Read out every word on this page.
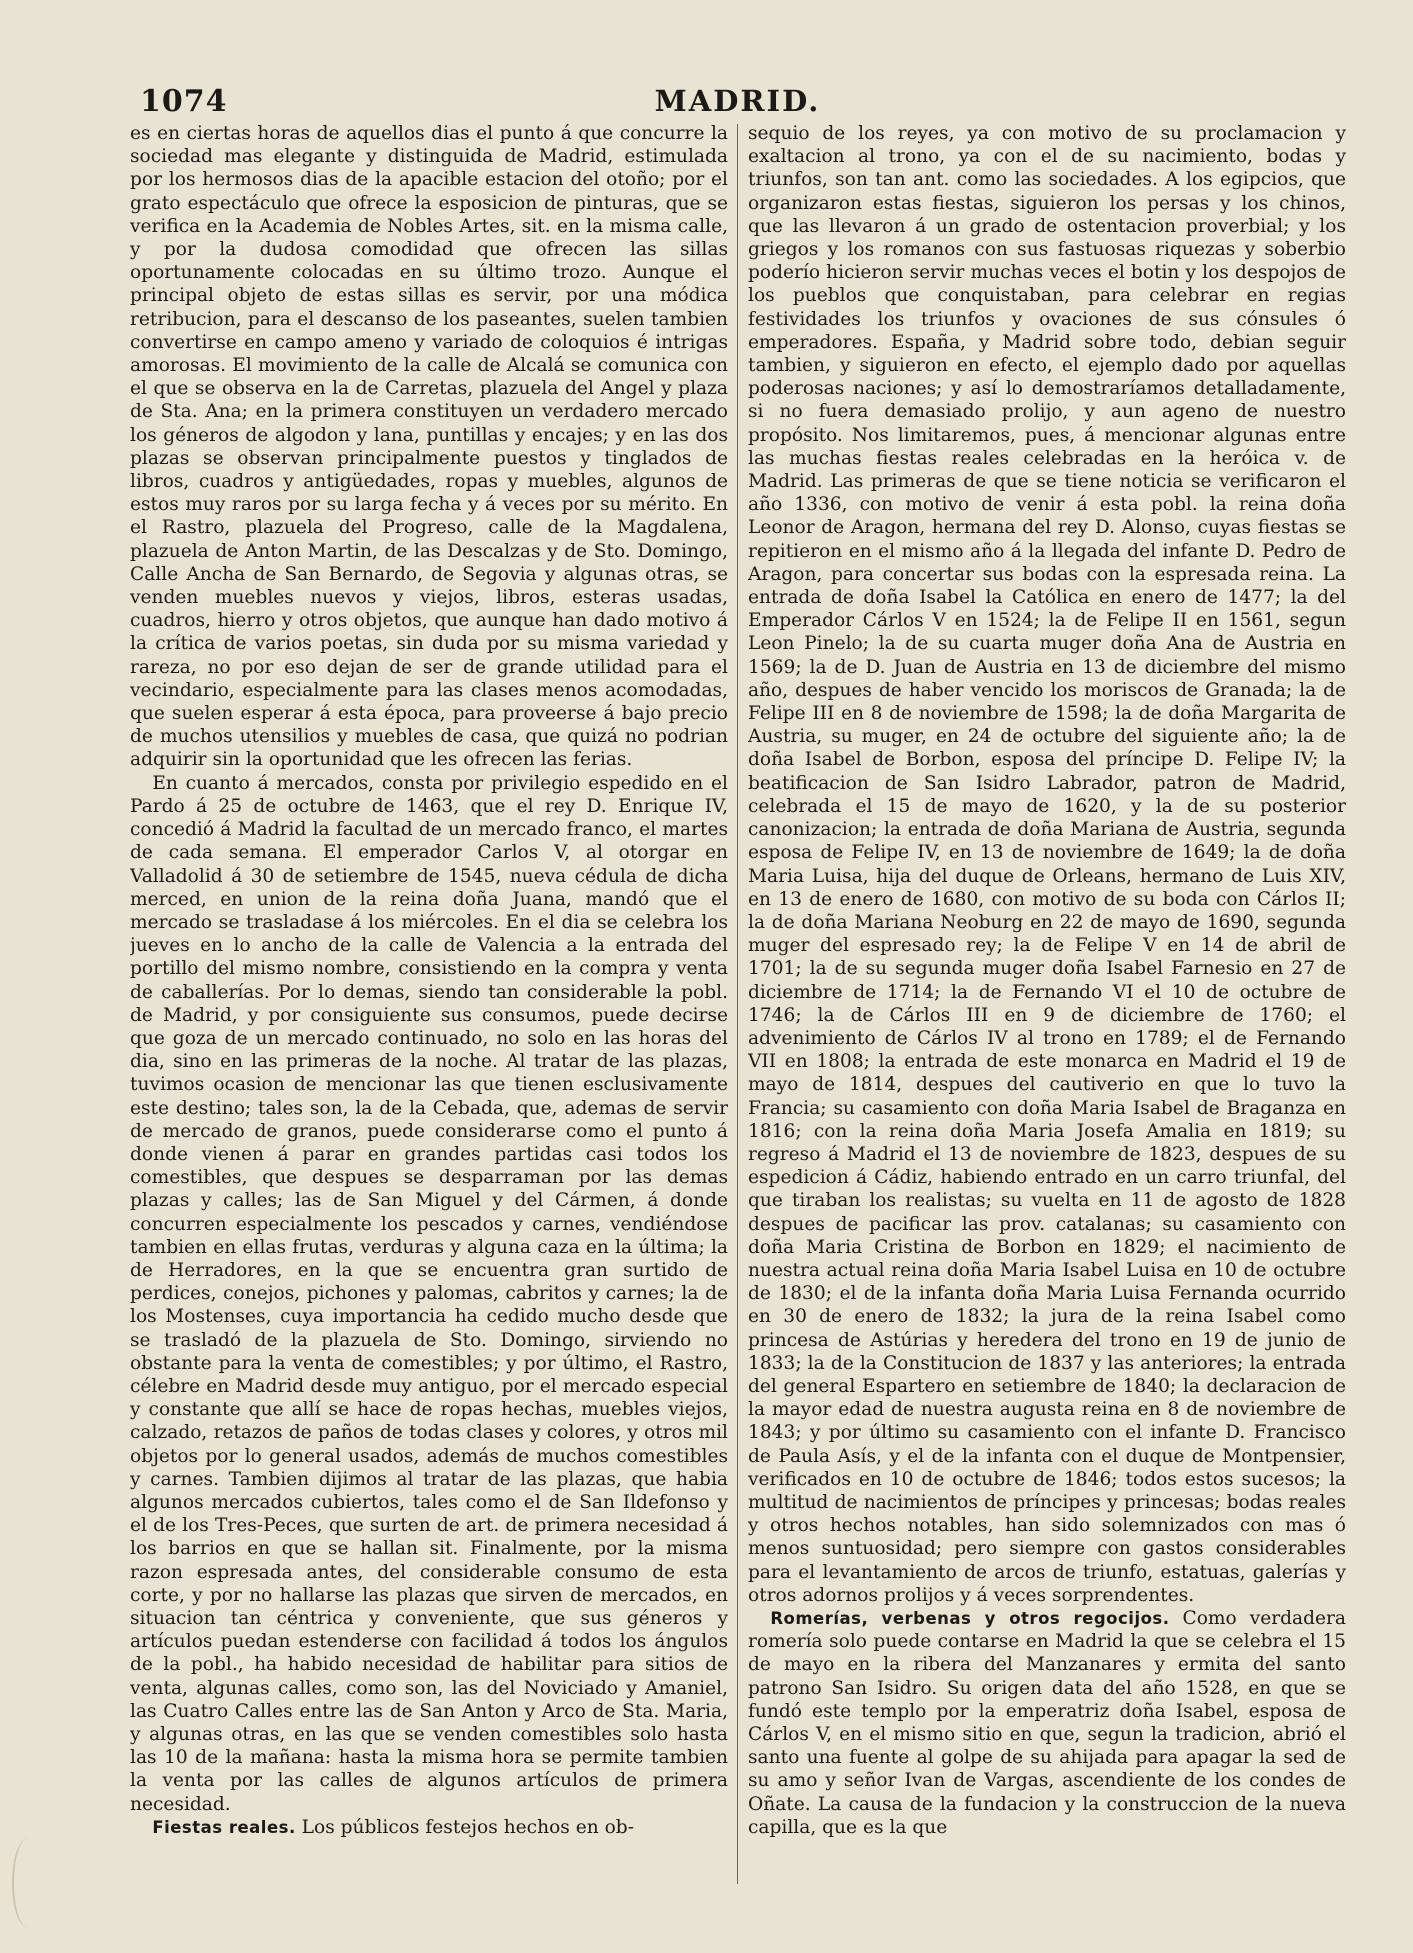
1074	MADRID.

es en ciertas horas de aquellos dias el punto á que concurre la sociedad mas elegante y distinguida de Madrid, estimulada por los hermosos dias de la apacible estacion del otoño; por el grato espectáculo que ofrece la esposicion de pinturas, que se verifica en la Academia de Nobles Artes, sit. en la misma calle, y por la dudosa comodidad que ofrecen las sillas oportunamente colocadas en su último trozo. Aunque el principal objeto de estas sillas es servir, por una módica retribucion, para el descanso de los paseantes, suelen tambien convertirse en campo ameno y variado de coloquios é intrigas amorosas. El movimiento de la calle de Alcalá se comunica con el que se observa en la de Carretas, plazuela del Angel y plaza de Sta. Ana; en la primera constituyen un verdadero mercado los géneros de algodon y lana, puntillas y encajes; y en las dos plazas se observan principalmente puestos y tinglados de libros, cuadros y antigüedades, ropas y muebles, algunos de estos muy raros por su larga fecha y á veces por su mérito. En el Rastro, plazuela del Progreso, calle de la Magdalena, plazuela de Anton Martin, de las Descalzas y de Sto. Domingo, Calle Ancha de San Bernardo, de Segovia y algunas otras, se venden muebles nuevos y viejos, libros, esteras usadas, cuadros, hierro y otros objetos, que aunque han dado motivo á la crítica de varios poetas, sin duda por su misma variedad y rareza, no por eso dejan de ser de grande utilidad para el vecindario, especialmente para las clases menos acomodadas, que suelen esperar á esta época, para proveerse á bajo precio de muchos utensilios y muebles de casa, que quizá no podrian adquirir sin la oportunidad que les ofrecen las ferias.

En cuanto á mercados, consta por privilegio espedido en el Pardo á 25 de octubre de 1463, que el rey D. Enrique IV, concedió á Madrid la facultad de un mercado franco, el martes de cada semana. El emperador Carlos V, al otorgar en Valladolid á 30 de setiembre de 1545, nueva cédula de dicha merced, en union de la reina doña Juana, mandó que el mercado se trasladase á los miércoles. En el dia se celebra los jueves en lo ancho de la calle de Valencia a la entrada del portillo del mismo nombre, consistiendo en la compra y venta de caballerías. Por lo demas, siendo tan considerable la pobl. de Madrid, y por consiguiente sus consumos, puede decirse que goza de un mercado continuado, no solo en las horas del dia, sino en las primeras de la noche. Al tratar de las plazas, tuvimos ocasion de mencionar las que tienen esclusivamente este destino; tales son, la de la Cebada, que, ademas de servir de mercado de granos, puede considerarse como el punto á donde vienen á parar en grandes partidas casi todos los comestibles, que despues se desparraman por las demas plazas y calles; las de San Miguel y del Cármen, á donde concurren especialmente los pescados y carnes, vendiéndose tambien en ellas frutas, verduras y alguna caza en la última; la de Herradores, en la que se encuentra gran surtido de perdices, conejos, pichones y palomas, cabritos y carnes; la de los Mostenses, cuya importancia ha cedido mucho desde que se trasladó de la plazuela de Sto. Domingo, sirviendo no obstante para la venta de comestibles; y por último, el Rastro, célebre en Madrid desde muy antiguo, por el mercado especial y constante que allí se hace de ropas hechas, muebles viejos, calzado, retazos de paños de todas clases y colores, y otros mil objetos por lo general usados, además de muchos comestibles y carnes. Tambien dijimos al tratar de las plazas, que habia algunos mercados cubiertos, tales como el de San Ildefonso y el de los Tres-Peces, que surten de art. de primera necesidad á los barrios en que se hallan sit. Finalmente, por la misma razon espresada antes, del considerable consumo de esta corte, y por no hallarse las plazas que sirven de mercados, en situacion tan céntrica y conveniente, que sus géneros y artículos puedan estenderse con facilidad á todos los ángulos de la pobl., ha habido necesidad de habilitar para sitios de venta, algunas calles, como son, las del Noviciado y Amaniel, las Cuatro Calles entre las de San Anton y Arco de Sta. Maria, y algunas otras, en las que se venden comestibles solo hasta las 10 de la mañana: hasta la misma hora se permite tambien la venta por las calles de algunos artículos de primera necesidad.

Fiestas reales. Los públicos festejos hechos en ob-

sequio de los reyes, ya con motivo de su proclamacion y exaltacion al trono, ya con el de su nacimiento, bodas y triunfos, son tan ant. como las sociedades. A los egipcios, que organizaron estas fiestas, siguieron los persas y los chinos, que las llevaron á un grado de ostentacion proverbial; y los griegos y los romanos con sus fastuosas riquezas y soberbio poderío hicieron servir muchas veces el botin y los despojos de los pueblos que conquistaban, para celebrar en regias festividades los triunfos y ovaciones de sus cónsules ó emperadores. España, y Madrid sobre todo, debian seguir tambien, y siguieron en efecto, el ejemplo dado por aquellas poderosas naciones; y así lo demostraríamos detalladamente, si no fuera demasiado prolijo, y aun ageno de nuestro propósito. Nos limitaremos, pues, á mencionar algunas entre las muchas fiestas reales celebradas en la heróica v. de Madrid. Las primeras de que se tiene noticia se verificaron el año 1336, con motivo de venir á esta pobl. la reina doña Leonor de Aragon, hermana del rey D. Alonso, cuyas fiestas se repitieron en el mismo año á la llegada del infante D. Pedro de Aragon, para concertar sus bodas con la espresada reina. La entrada de doña Isabel la Católica en enero de 1477; la del Emperador Cárlos V en 1524; la de Felipe II en 1561, segun Leon Pinelo; la de su cuarta muger doña Ana de Austria en 1569; la de D. Juan de Austria en 13 de diciembre del mismo año, despues de haber vencido los moriscos de Granada; la de Felipe III en 8 de noviembre de 1598; la de doña Margarita de Austria, su muger, en 24 de octubre del siguiente año; la de doña Isabel de Borbon, esposa del príncipe D. Felipe IV; la beatificacion de San Isidro Labrador, patron de Madrid, celebrada el 15 de mayo de 1620, y la de su posterior canonizacion; la entrada de doña Mariana de Austria, segunda esposa de Felipe IV, en 13 de noviembre de 1649; la de doña Maria Luisa, hija del duque de Orleans, hermano de Luis XIV, en 13 de enero de 1680, con motivo de su boda con Cárlos II; la de doña Mariana Neoburg en 22 de mayo de 1690, segunda muger del espresado rey; la de Felipe V en 14 de abril de 1701; la de su segunda muger doña Isabel Farnesio en 27 de diciembre de 1714; la de Fernando VI el 10 de octubre de 1746; la de Cárlos III en 9 de diciembre de 1760; el advenimiento de Cárlos IV al trono en 1789; el de Fernando VII en 1808; la entrada de este monarca en Madrid el 19 de mayo de 1814, despues del cautiverio en que lo tuvo la Francia; su casamiento con doña Maria Isabel de Braganza en 1816; con la reina doña Maria Josefa Amalia en 1819; su regreso á Madrid el 13 de noviembre de 1823, despues de su espedicion á Cádiz, habiendo entrado en un carro triunfal, del que tiraban los realistas; su vuelta en 11 de agosto de 1828 despues de pacificar las prov. catalanas; su casamiento con doña Maria Cristina de Borbon en 1829; el nacimiento de nuestra actual reina doña Maria Isabel Luisa en 10 de octubre de 1830; el de la infanta doña Maria Luisa Fernanda ocurrido en 30 de enero de 1832; la jura de la reina Isabel como princesa de Astúrias y heredera del trono en 19 de junio de 1833; la de la Constitucion de 1837 y las anteriores; la entrada del general Espartero en setiembre de 1840; la declaracion de la mayor edad de nuestra augusta reina en 8 de noviembre de 1843; y por último su casamiento con el infante D. Francisco de Paula Asís, y el de la infanta con el duque de Montpensier, verificados en 10 de octubre de 1846; todos estos sucesos; la multitud de nacimientos de príncipes y princesas; bodas reales y otros hechos notables, han sido solemnizados con mas ó menos suntuosidad; pero siempre con gastos considerables para el levantamiento de arcos de triunfo, estatuas, galerías y otros adornos prolijos y á veces sorprendentes.

Romerías, verbenas y otros regocijos. Como verdadera romería solo puede contarse en Madrid la que se celebra el 15 de mayo en la ribera del Manzanares y ermita del santo patrono San Isidro. Su origen data del año 1528, en que se fundó este templo por la emperatriz doña Isabel, esposa de Cárlos V, en el mismo sitio en que, segun la tradicion, abrió el santo una fuente al golpe de su ahijada para apagar la sed de su amo y señor Ivan de Vargas, ascendiente de los condes de Oñate. La causa de la fundacion y la construccion de la nueva capilla, que es la que
